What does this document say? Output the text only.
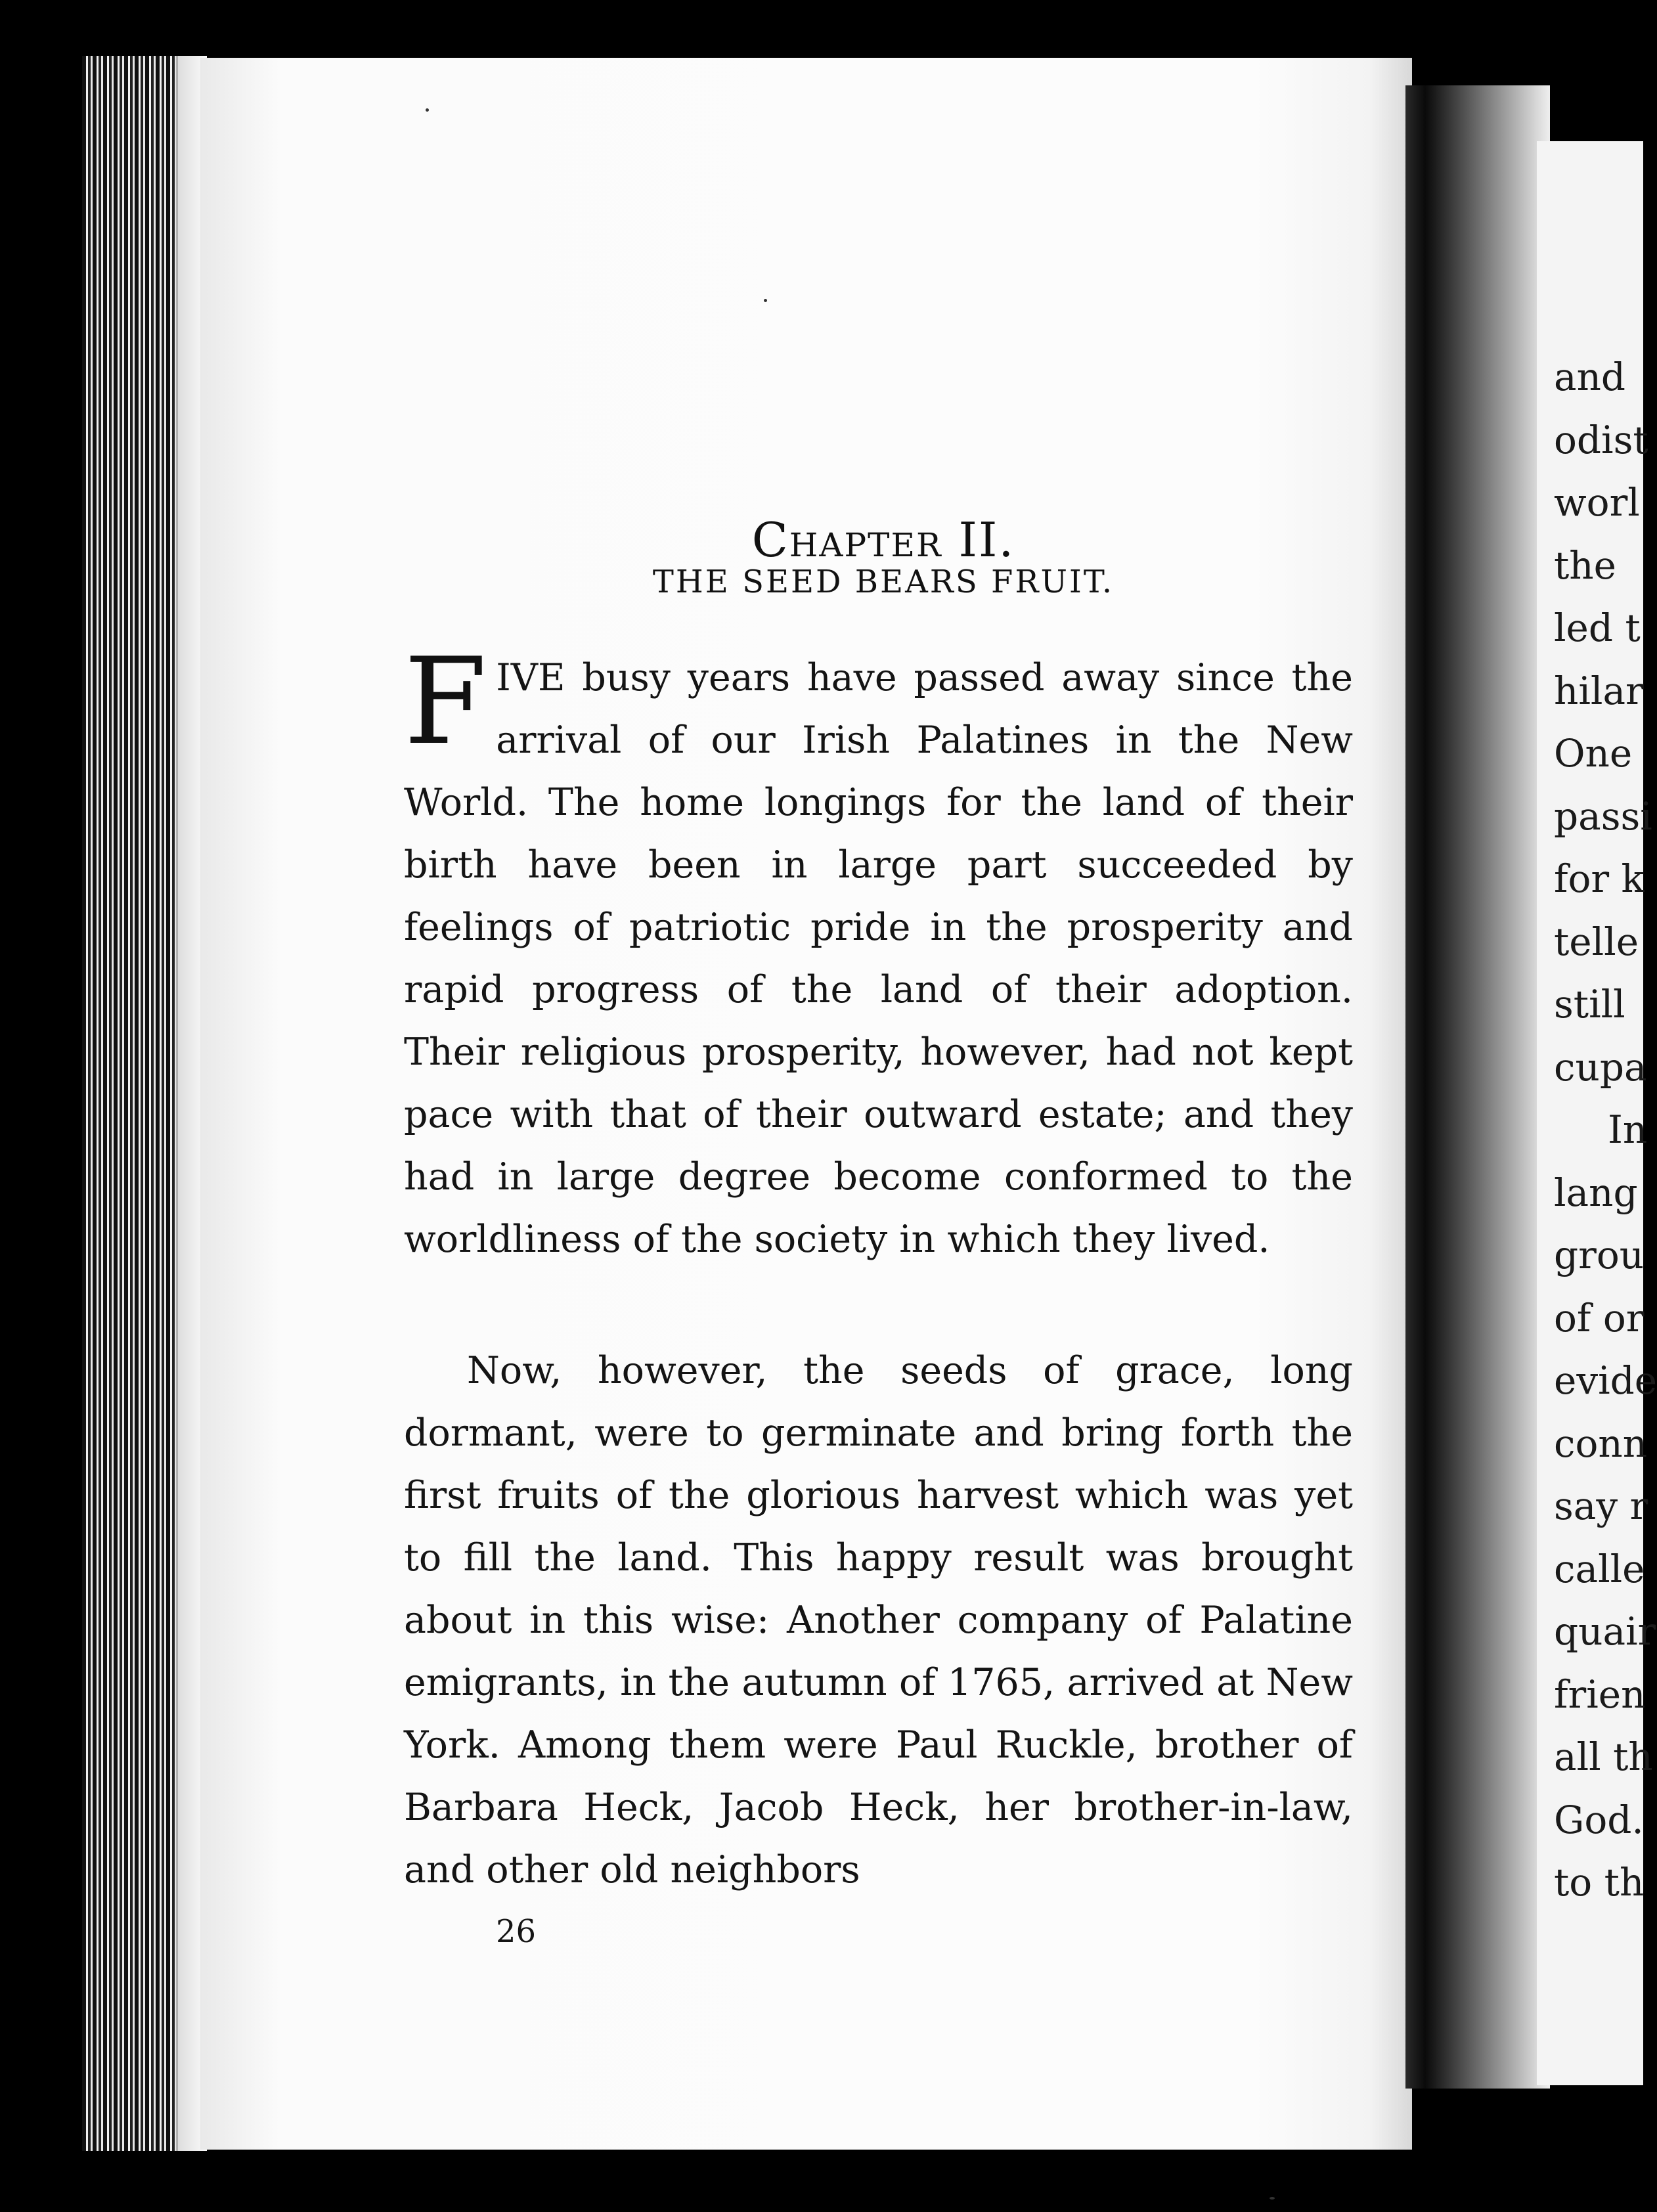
Chapter II.
THE SEED BEARS FRUIT.

FIVE busy years have passed away since the arrival of our Irish Palatines in the New World. The home longings for the land of their birth have been in large part succeeded by feelings of patriotic pride in the prosperity and rapid progress of the land of their adoption. Their religious prosperity, however, had not kept pace with that of their outward estate; and they had in large degree become conformed to the worldliness of the society in which they lived.

Now, however, the seeds of grace, long dormant, were to germinate and bring forth the first fruits of the glorious harvest which was yet to fill the land. This happy result was brought about in this wise: Another company of Palatine emigrants, in the autumn of 1765, arrived at New York. Among them were Paul Ruckle, brother of Barbara Heck, Jacob Heck, her brother-in-law, and other old neighbors

26
and
odist
worl
the
led t
hilar
One
passi
for k
telle
still
cupa
In
lang
grou
of or
evide
conn
say r
calle
quair
frien
all th
God.
to th
